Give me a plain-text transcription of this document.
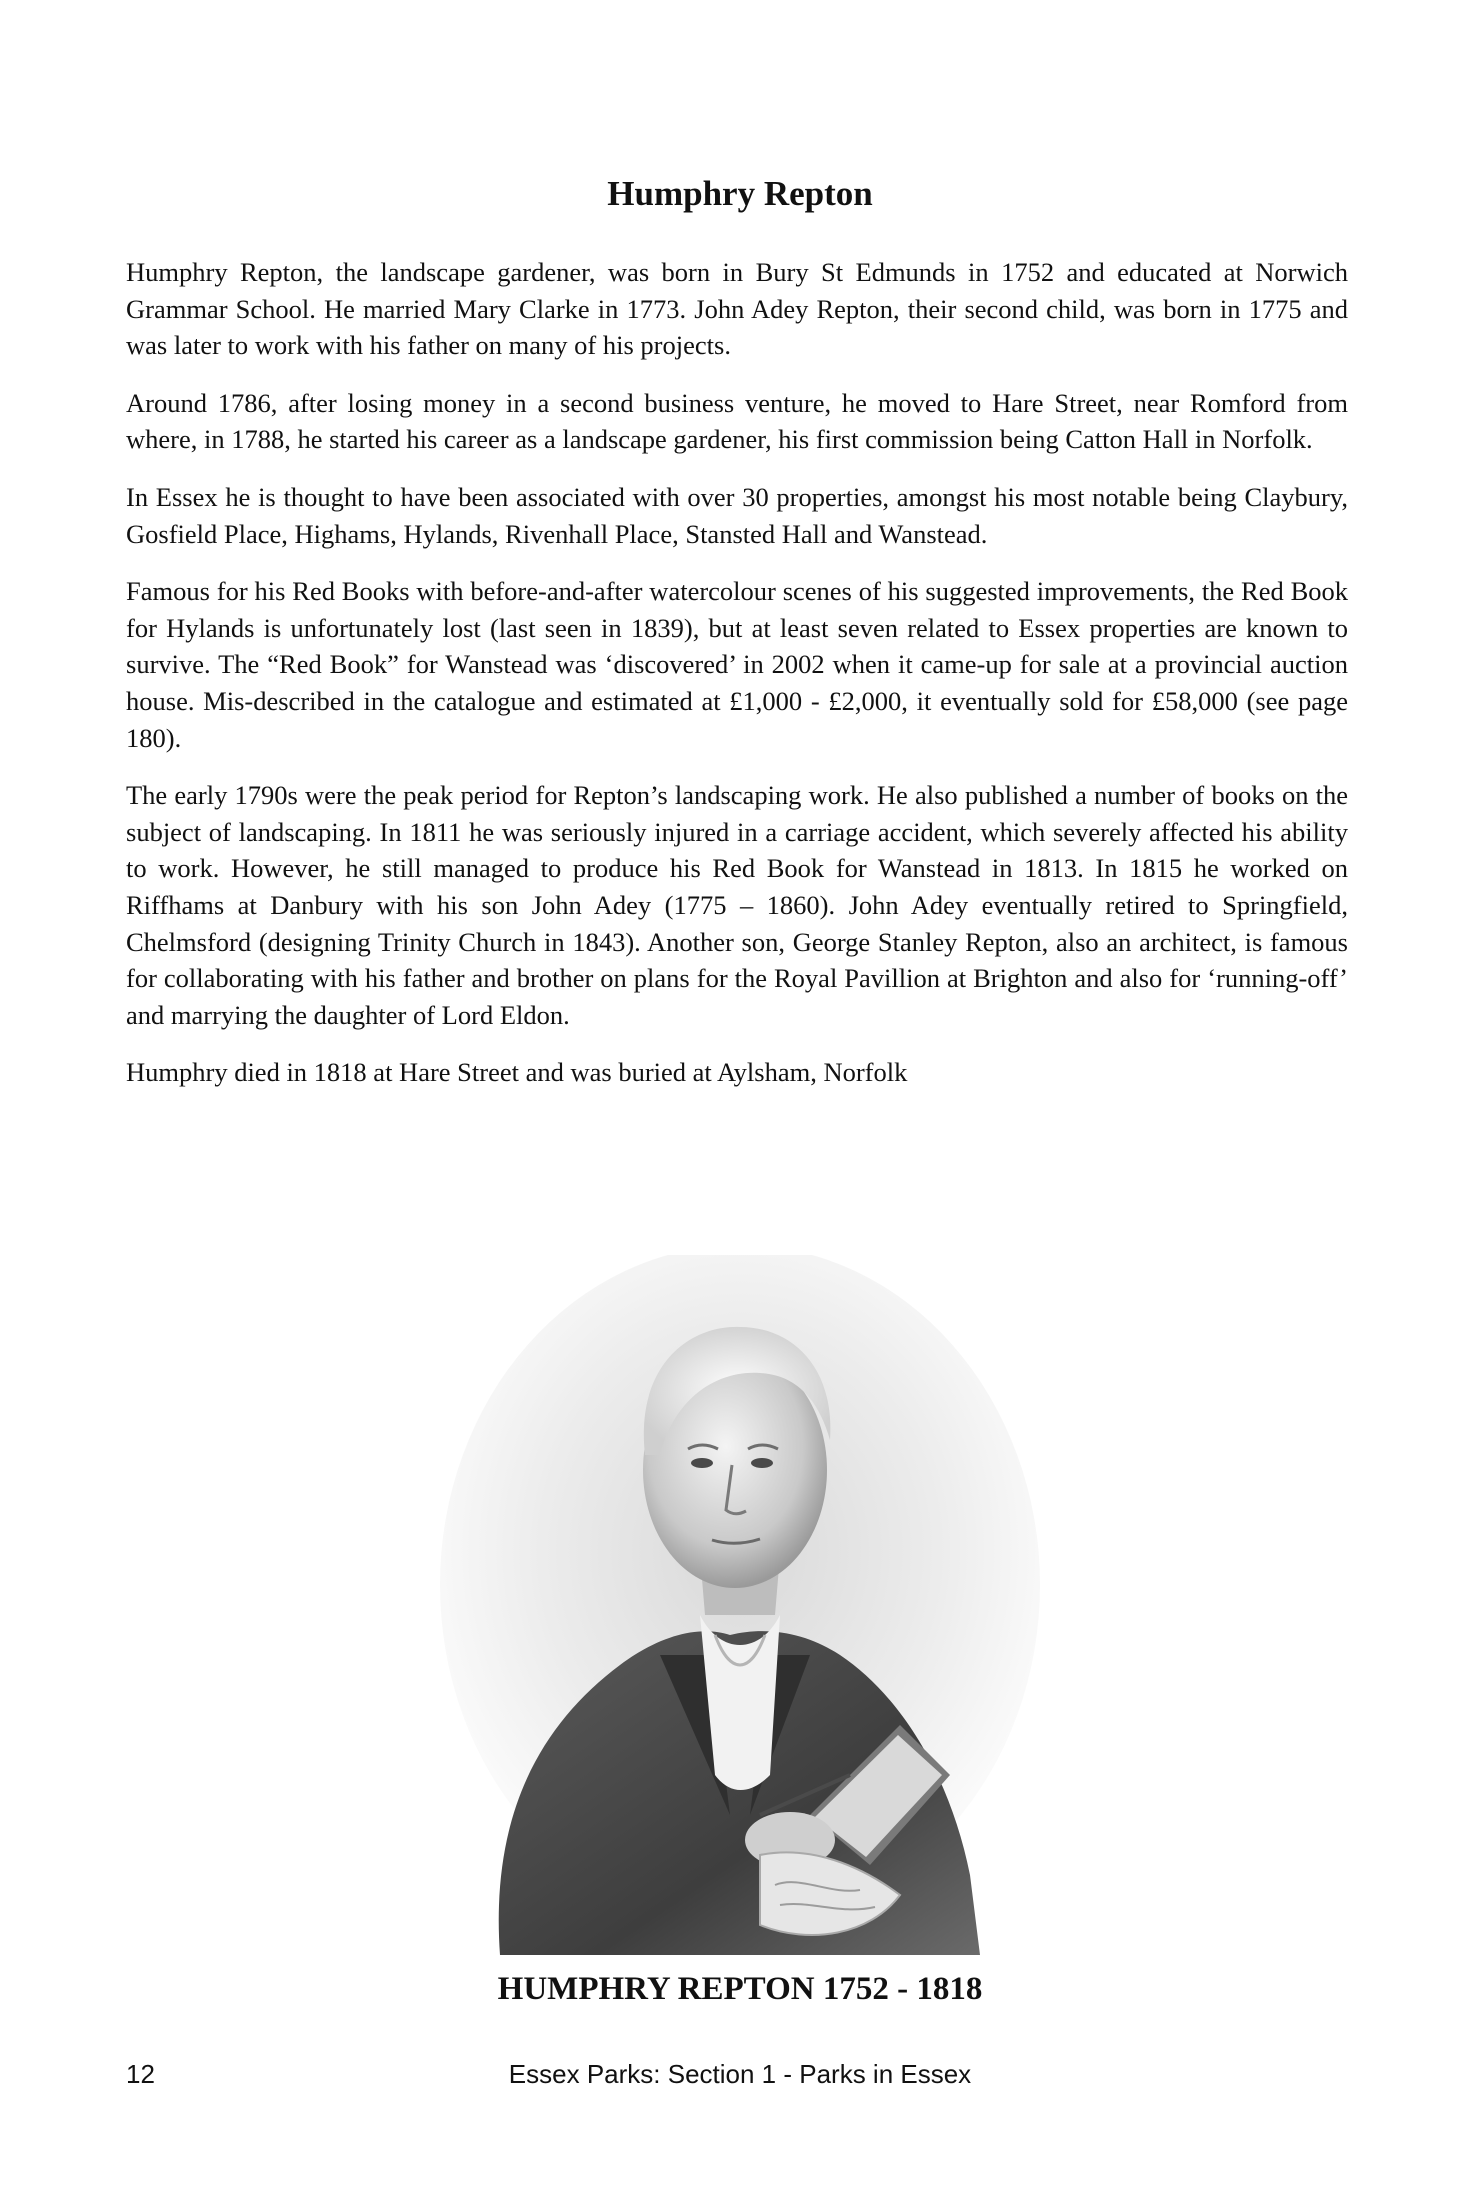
Humphry Repton

Humphry Repton, the landscape gardener, was born in Bury St Edmunds in 1752 and educated at Norwich Grammar School. He married Mary Clarke in 1773. John Adey Repton, their second child, was born in 1775 and was later to work with his father on many of his projects.

Around 1786, after losing money in a second business venture, he moved to Hare Street, near Romford from where, in 1788, he started his career as a landscape gardener, his first commission being Catton Hall in Norfolk.

In Essex he is thought to have been associated with over 30 properties, amongst his most notable being Claybury, Gosfield Place, Highams, Hylands, Rivenhall Place, Stansted Hall and Wanstead.

Famous for his Red Books with before-and-after watercolour scenes of his suggested improvements, the Red Book for Hylands is unfortunately lost (last seen in 1839), but at least seven related to Essex properties are known to survive. The “Red Book” for Wanstead was ‘discovered’ in 2002 when it came-up for sale at a provincial auction house. Mis-described in the catalogue and estimated at £1,000 - £2,000, it eventually sold for £58,000 (see page 180).

The early 1790s were the peak period for Repton’s landscaping work. He also published a number of books on the subject of landscaping. In 1811 he was seriously injured in a carriage accident, which severely affected his ability to work. However, he still managed to produce his Red Book for Wanstead in 1813. In 1815 he worked on Riffhams at Danbury with his son John Adey (1775 – 1860). John Adey eventually retired to Springfield, Chelmsford (designing Trinity Church in 1843). Another son, George Stanley Repton, also an architect, is famous for collaborating with his father and brother on plans for the Royal Pavillion at Brighton and also for ‘running-off’ and marrying the daughter of Lord Eldon.

Humphry died in 1818 at Hare Street and was buried at Aylsham, Norfolk

HUMPHRY REPTON 1752 - 1818
12	Essex Parks: Section 1 - Parks in Essex
